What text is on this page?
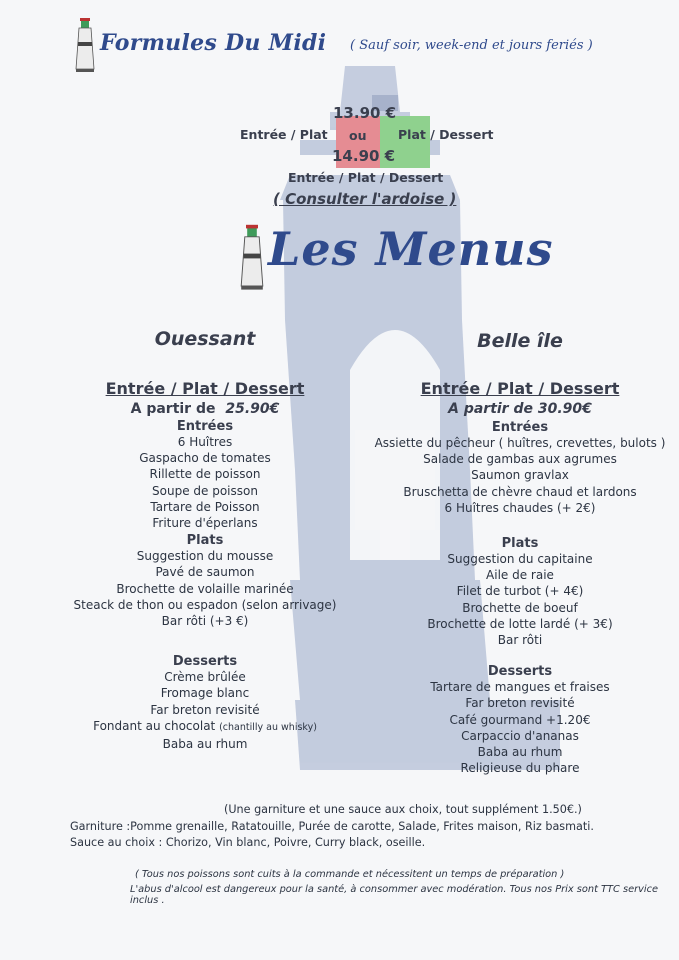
Formules Du Midi ( Sauf soir, week-end et jours feriés )
13.90 €
Entrée / Plat ou	Plat / Dessert
14.90 €
Entrée / Plat / Dessert
( Consulter l'ardoise )
Les Menus
Ouessant
Entrée / Plat / Dessert
A partir de 25.90€
Entrées
6 Huîtres
Gaspacho de tomates
Rillette de poisson
Soupe de poisson
Tartare de Poisson
Friture d'éperlans
Plats
Suggestion du mousse
Pavé de saumon
Brochette de volaille marinée
Steack de thon ou espadon (selon arrivage)
Bar rôti (+3 €)
Desserts
Crème brûlée
Fromage blanc
Far breton revisité
Fondant au chocolat (chantilly au whisky)
Baba au rhum
Belle île
Entrée / Plat / Dessert
A partir de 30.90€
Entrées
Assiette du pêcheur ( huîtres, crevettes, bulots )
Salade de gambas aux agrumes
Saumon gravlax
Bruschetta de chèvre chaud et lardons
6 Huîtres chaudes (+ 2€)
Plats
Suggestion du capitaine
Aile de raie
Filet de turbot (+ 4€)
Brochette de boeuf
Brochette de lotte lardé (+ 3€)
Bar rôti
Desserts
Tartare de mangues et fraises
Far breton revisité
Café gourmand +1.20€
Carpaccio d'ananas
Baba au rhum
Religieuse du phare
(Une garniture et une sauce aux choix, tout supplément 1.50€.)
Garniture :Pomme grenaille, Ratatouille, Purée de carotte, Salade, Frites maison, Riz basmati.
Sauce au choix : Chorizo, Vin blanc, Poivre, Curry black, oseille.
( Tous nos poissons sont cuits à la commande et nécessitent un temps de préparation )
L'abus d'alcool est dangereux pour la santé, à consommer avec modération. Tous nos Prix sont TTC service inclus .
